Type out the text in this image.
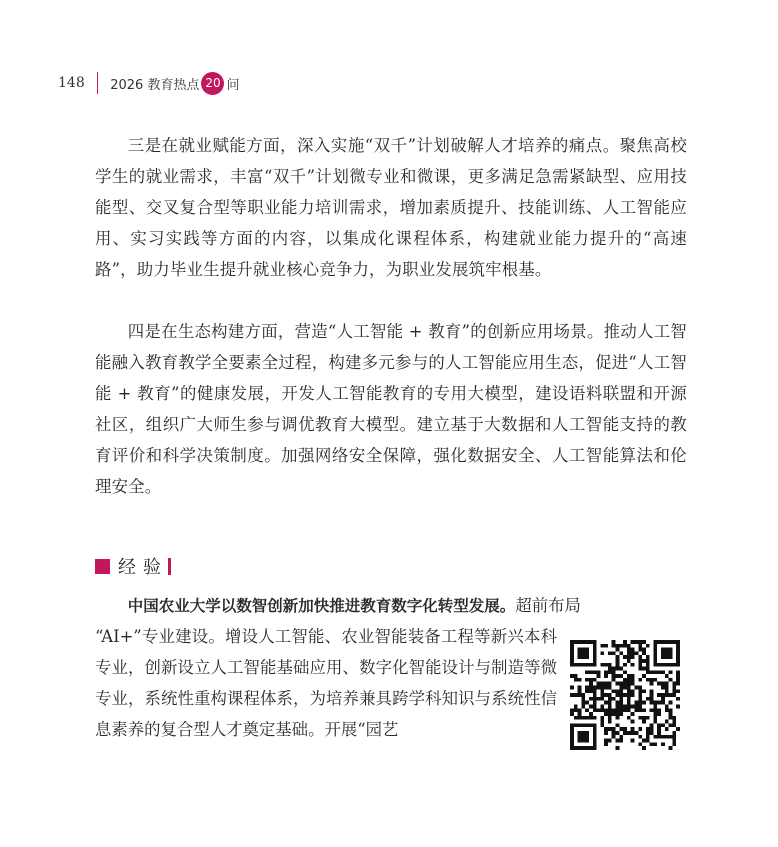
148 2026 教育热点 20 问

三是在就业赋能方面，深入实施“双千”计划破解人才培养的痛点。聚焦高校学生的就业需求，丰富“双千”计划微专业和微课，更多满足急需紧缺型、应用技能型、交叉复合型等职业能力培训需求，增加素质提升、技能训练、人工智能应用、实习实践等方面的内容，以集成化课程体系，构建就业能力提升的“高速路”，助力毕业生提升就业核心竞争力，为职业发展筑牢根基。

四是在生态构建方面，营造“人工智能 + 教育”的创新应用场景。推动人工智能融入教育教学全要素全过程，构建多元参与的人工智能应用生态，促进“人工智能 + 教育”的健康发展，开发人工智能教育的专用大模型，建设语料联盟和开源社区，组织广大师生参与调优教育大模型。建立基于大数据和人工智能支持的教育评价和科学决策制度。加强网络安全保障，强化数据安全、人工智能算法和伦理安全。

经验

中国农业大学以数智创新加快推进教育数字化转型发展。超前布局

“AI+”专业建设。增设人工智能、农业智能装备工程等新兴本科专业，创新设立人工智能基础应用、数字化智能设计与制造等微专业，系统性重构课程体系，为培养兼具跨学科知识与系统性信息素养的复合型人才奠定基础。开展“园艺
